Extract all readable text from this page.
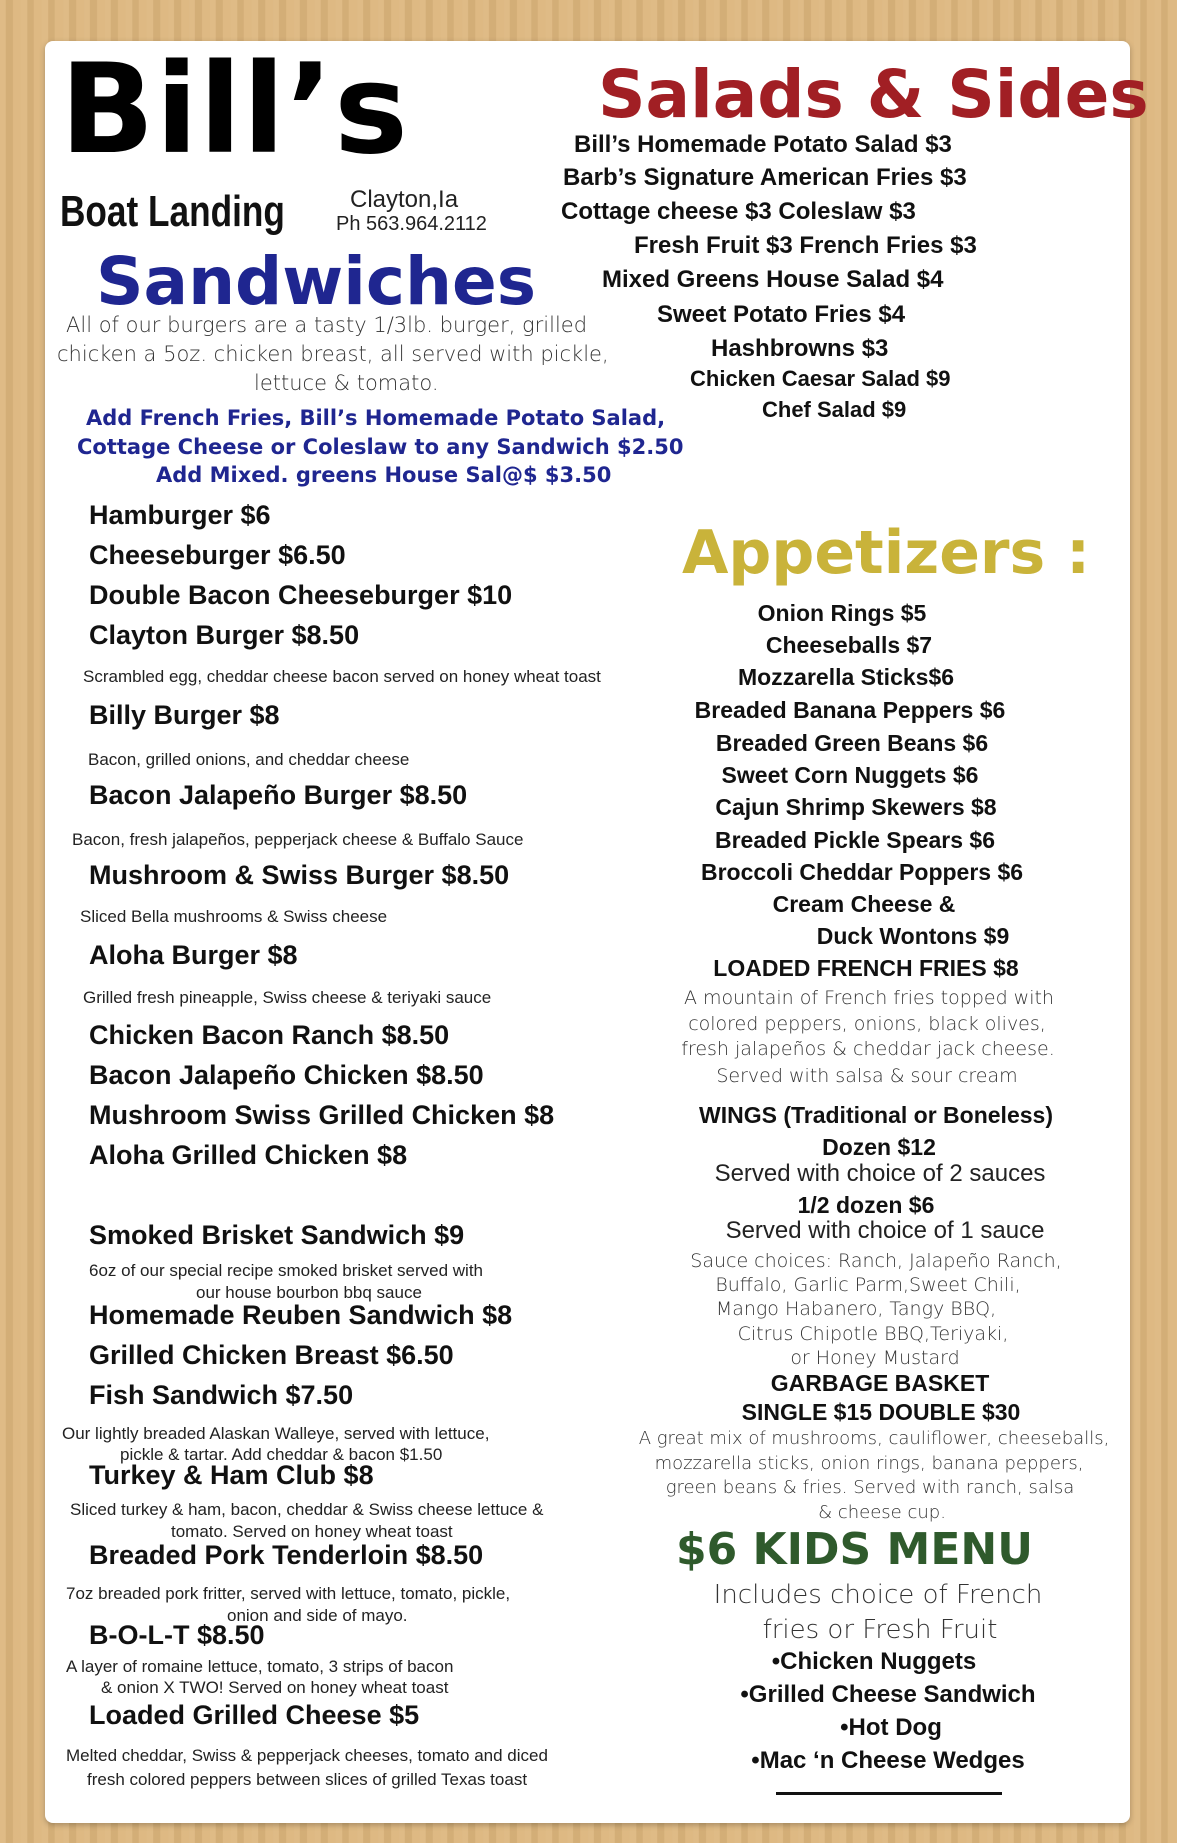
Bill’s
Boat Landing	Clayton,Ia
Ph 563.964.2112
Sandwiches
All of our burgers are a tasty 1/3lb. burger, grilled
chicken a 5oz. chicken breast, all served with pickle,
lettuce & tomato.
Add French Fries, Bill’s Homemade Potato Salad,
Cottage Cheese or Coleslaw to any Sandwich $2.50
Add Mixed. greens House Sal@$ $3.50
Hamburger $6
Cheeseburger $6.50
Double Bacon Cheeseburger $10
Clayton Burger $8.50
Scrambled egg, cheddar cheese bacon served on honey wheat toast
Billy Burger $8
Bacon, grilled onions, and cheddar cheese
Bacon Jalapeño Burger $8.50
Bacon, fresh jalapeños, pepperjack cheese & Buffalo Sauce
Mushroom & Swiss Burger $8.50
Sliced Bella mushrooms & Swiss cheese
Aloha Burger $8
Grilled fresh pineapple, Swiss cheese & teriyaki sauce
Chicken Bacon Ranch $8.50
Bacon Jalapeño Chicken $8.50
Mushroom Swiss Grilled Chicken $8
Aloha Grilled Chicken $8
Smoked Brisket Sandwich $9
6oz of our special recipe smoked brisket served with
our house bourbon bbq sauce
Homemade Reuben Sandwich $8
Grilled Chicken Breast $6.50
Fish Sandwich $7.50
Our lightly breaded Alaskan Walleye, served with lettuce,
pickle & tartar. Add cheddar & bacon $1.50
Turkey & Ham Club $8
Sliced turkey & ham, bacon, cheddar & Swiss cheese lettuce &
tomato. Served on honey wheat toast
Breaded Pork Tenderloin $8.50
7oz breaded pork fritter, served with lettuce, tomato, pickle,
onion and side of mayo.
B-O-L-T $8.50
A layer of romaine lettuce, tomato, 3 strips of bacon
& onion X TWO! Served on honey wheat toast
Loaded Grilled Cheese $5
Melted cheddar, Swiss & pepperjack cheeses, tomato and diced
fresh colored peppers between slices of grilled Texas toast
Salads & Sides
Bill’s Homemade Potato Salad $3
Barb’s Signature American Fries $3
Cottage cheese $3 Coleslaw $3
Fresh Fruit $3 French Fries $3
Mixed Greens House Salad $4
Sweet Potato Fries $4
Hashbrowns $3
Chicken Caesar Salad $9
Chef Salad $9
Appetizers :
Onion Rings $5
Cheeseballs $7
Mozzarella Sticks$6
Breaded Banana Peppers $6
Breaded Green Beans $6
Sweet Corn Nuggets $6
Cajun Shrimp Skewers $8
Breaded Pickle Spears $6
Broccoli Cheddar Poppers $6
Cream Cheese &
Duck Wontons $9
LOADED FRENCH FRIES $8
A mountain of French fries topped with
colored peppers, onions, black olives,
fresh jalapeños & cheddar jack cheese.
Served with salsa & sour cream
WINGS (Traditional or Boneless)
Dozen $12
Served with choice of 2 sauces
1/2 dozen $6
Served with choice of 1 sauce
Sauce choices: Ranch, Jalapeño Ranch,
Buffalo, Garlic Parm,Sweet Chili,
Mango Habanero, Tangy BBQ,
Citrus Chipotle BBQ,Teriyaki,
or Honey Mustard
GARBAGE BASKET
SINGLE $15 DOUBLE $30
A great mix of mushrooms, cauliflower, cheeseballs,
mozzarella sticks, onion rings, banana peppers,
green beans & fries. Served with ranch, salsa
& cheese cup.
$6 KIDS MENU
Includes choice of French
fries or Fresh Fruit
•Chicken Nuggets
•Grilled Cheese Sandwich
•Hot Dog
•Mac ‘n Cheese Wedges
